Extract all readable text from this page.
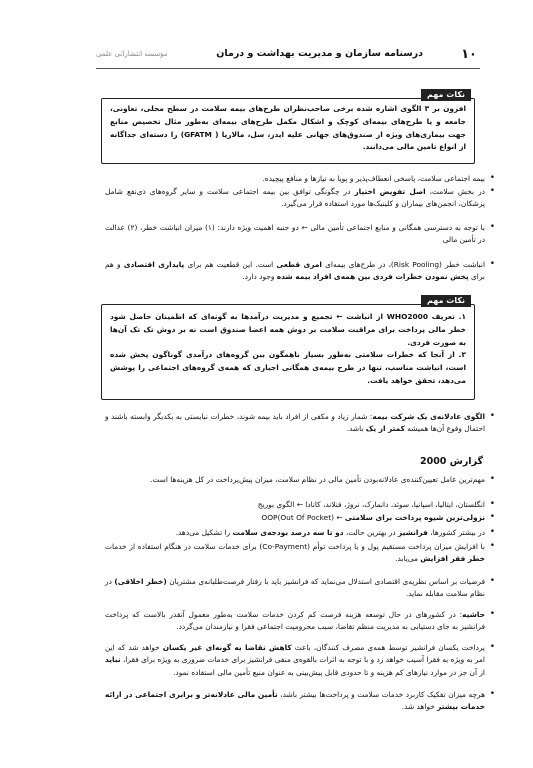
۱۰
درسنامه سازمان و مدیریت بهداشت و درمان
مؤسسه انتشاراتی علمی
نکات مهم

افزون بر ۳ الگوی اشاره شده برخی صاحب‌نظران طرح‌های بیمه سلامت در سطح محلی، تعاونی، جامعه و یا طرح‌های بیمه‌ای کوچک و اشکال مکمل طرح‌های بیمه‌ای به‌طور مثال تخصیص منابع جهت بیماری‌های ویژه از صندوق‌های جهانی علیه ایدز، سل، مالاریا ( GFATM) را دسته‌ای جداگانه از انواع تامین مالی می‌دانند.

•
بیمه اجتماعی سلامت، پاسخی انعطاف‌پذیر و پویا به نیازها و منافع پیچیده.
•
در بخش سلامت، اصل تفویض اختیار در چگونگی توافق بین بیمه اجتماعی سلامت و سایر گروه‌های ذی‌نفع شامل پزشکان، انجمن‌های بیماران و کلینیک‌ها مورد استفاده قرار می‌گیرد.
•
با توجه به دسترسی همگانی و منابع اجتماعی تأمین مالی ← دو جنبه اهمیت ویژه دارند: (۱) میزان انباشت خطر، (۲) عدالت در تأمین مالی
•
انباشت خطر (Risk Pooling)، در طرح‌های بیمه‌ای امری قطعی است. این قطعیت هم برای پایداری اقتصادی و هم برای پخش نمودن خطرات فردی بین همه‌ی افراد بیمه شده وجود دارد.
نکات مهم

۱. تعریف WHO2000 از انباشت ← تجمیع و مدیریت درآمدها به گونه‌ای که اطمینان حاصل شود خطر مالی پرداخت برای مراقبت سلامت بر دوش همه اعضا صندوق است نه بر دوش تک تک آن‌ها به صورت فردی.

۲. از آنجا که خطرات سلامتی به‌طور بسیار ناهمگون بین گروه‌های درآمدی گوناگون پخش شده است، انباشت مناسب، تنها در طرح بیمه‌ی همگانی اجباری که همه‌ی گروه‌های اجتماعی را پوشش می‌دهد، تحقق خواهد یافت.

•
الگوی عادلانه‌ی یک شرکت بیمه: شمار زیاد و مکفی از افراد باید بیمه شوند، خطرات نبایستی به یکدیگر وابسته باشند و احتمال وقوع آن‌ها همیشه کمتر از یک باشد.
گزارش 2000
•
مهم‌ترین عامل تعیین‌کننده‌ی عادلانه‌بودن تأمین مالی در نظام سلامت، میزان پیش‌پرداخت در کل هزینه‌ها است.
•
انگلستان، ایتالیا، اسپانیا، سوئد، دانمارک، نروژ، فنلاند، کانادا ← الگوی بوریج
•
نزولی‌ترین شیوه پرداخت برای سلامتی ← OOP(Out Of Pocket)
•
در بیشتر کشورها، فرانشیز در بهترین حالت، دو تا سه درصد بودجه‌ی سلامت را تشکیل می‌دهد.
•
با افزایش میزان پرداخت مستقیم پول و یا پرداخت توأم (Co-Payment) برای خدمات سلامت در هنگام استفاده از خدمات خطر فقر افزایش می‌یابد.
•
فرضیات بر اساس نظریه‌ی اقتصادی استدلال می‌نماید که فرانشیز باید با رفتار فرصت‌طلبانه‌ی مشتریان (خطر اخلاقی) در نظام سلامت مقابله نماید.
•
حاشیه: در کشورهای در حال توسعه هزینه فرصت کم کردن خدمات سلامت به‌طور معمول آنقدر بالاست که پرداخت فرانشیز به جای دستیابی به مدیریت منظم تقاضا، سبب محرومیت اجتماعی فقرا و نیازمندان می‌گردد.
•
پرداخت یکسان فرانشیز توسط همه‌ی مصرف کنندگان، باعث کاهش تقاضا به گونه‌ای غیر یکسان خواهد شد که این امر به ویژه به فقرا آسیب خواهد زد و با توجه به اثرات بالقوه‌ی منفی فرانشیز برای خدمات ضروری به ویژه برای فقرا، نباید از آن جز در موارد نیازهای کم هزینه و تا حدودی قابل پیش‌بینی به عنوان منبع تأمین مالی استفاده نمود.
•
هرچه میزان تفکیک کاربرد خدمات سلامت و پرداخت‌ها بیشتر باشد، تأمین مالی عادلانه‌تر و برابری اجتماعی در ارائه خدمات بیشتر خواهد شد.
